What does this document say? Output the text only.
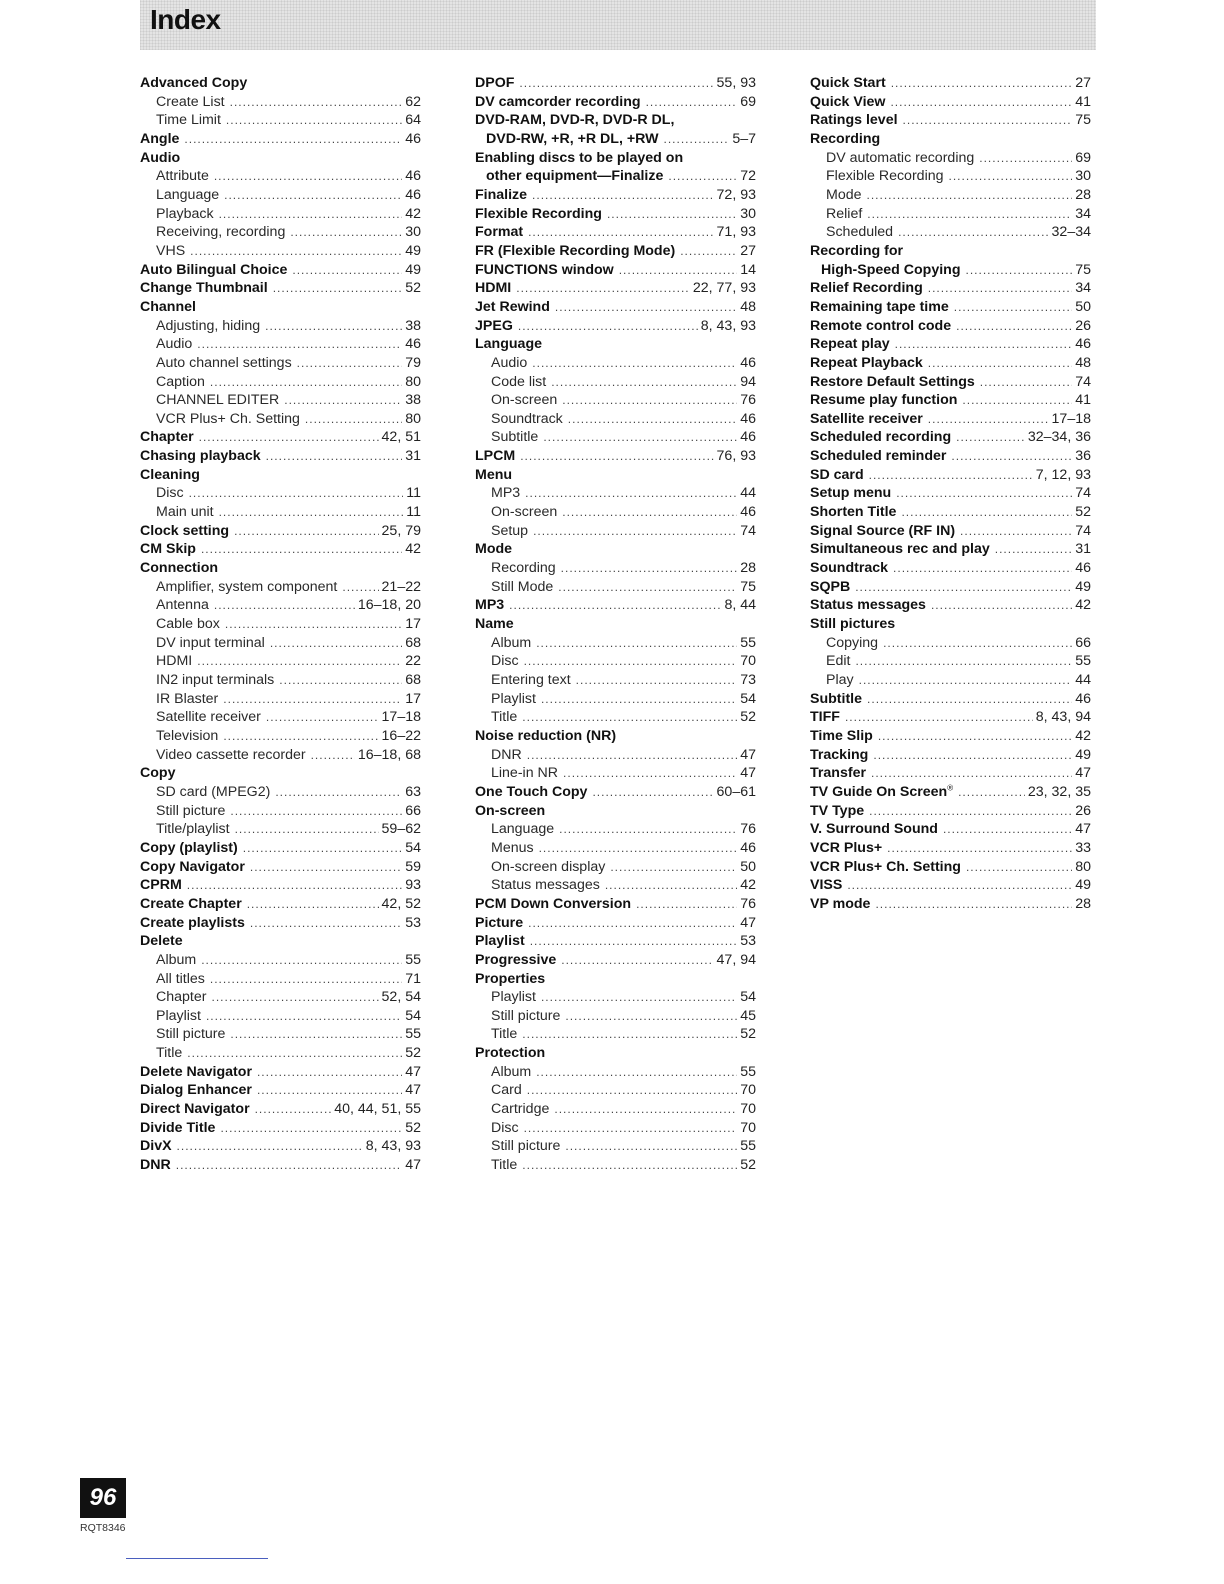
Index
Advanced Copy
Create List .....	62
Time Limit .....	64
Angle .....	46
Audio
Attribute .....	46
Language .....	46
Playback .....	42
Receiving, recording .....	30
VHS .....	49
Auto Bilingual Choice .....	49
Change Thumbnail .....	52
Channel
Adjusting, hiding .....	38
Audio .....	46
Auto channel settings .....	79
Caption .....	80
CHANNEL EDITER .....	38
VCR Plus+ Ch. Setting .....	80
Chapter .....	42, 51
Chasing playback .....	31
Cleaning
Disc .....	11
Main unit .....	11
Clock setting .....	25, 79
CM Skip .....	42
Connection
Amplifier, system component .....	21–22
Antenna .....	16–18, 20
Cable box .....	17
DV input terminal .....	68
HDMI .....	22
IN2 input terminals .....	68
IR Blaster .....	17
Satellite receiver .....	17–18
Television .....	16–22
Video cassette recorder .....	16–18, 68
Copy
SD card (MPEG2) .....	63
Still picture .....	66
Title/playlist .....	59–62
Copy (playlist) .....	54
Copy Navigator .....	59
CPRM .....	93
Create Chapter .....	42, 52
Create playlists .....	53
Delete
Album .....	55
All titles .....	71
Chapter .....	52, 54
Playlist .....	54
Still picture .....	55
Title .....	52
Delete Navigator .....	47
Dialog Enhancer .....	47
Direct Navigator .....	40, 44, 51, 55
Divide Title .....	52
DivX .....	8, 43, 93
DNR .....	47
DPOF .....	55, 93
DV camcorder recording .....	69
DVD-RAM, DVD-R, DVD-R DL,
DVD-RW, +R, +R DL, +RW .....	5–7
Enabling discs to be played on
other equipment—Finalize .....	72
Finalize .....	72, 93
Flexible Recording .....	30
Format .....	71, 93
FR (Flexible Recording Mode) .....	27
FUNCTIONS window .....	14
HDMI .....	22, 77, 93
Jet Rewind .....	48
JPEG .....	8, 43, 93
Language
Audio .....	46
Code list .....	94
On-screen .....	76
Soundtrack .....	46
Subtitle .....	46
LPCM .....	76, 93
Menu
MP3 .....	44
On-screen .....	46
Setup .....	74
Mode
Recording .....	28
Still Mode .....	75
MP3 .....	8, 44
Name
Album .....	55
Disc .....	70
Entering text .....	73
Playlist .....	54
Title .....	52
Noise reduction (NR)
DNR .....	47
Line-in NR .....	47
One Touch Copy .....	60–61
On-screen
Language .....	76
Menus .....	46
On-screen display .....	50
Status messages .....	42
PCM Down Conversion .....	76
Picture .....	47
Playlist .....	53
Progressive .....	47, 94
Properties
Playlist .....	54
Still picture .....	45
Title .....	52
Protection
Album .....	55
Card .....	70
Cartridge .....	70
Disc .....	70
Still picture .....	55
Title .....	52
Quick Start .....	27
Quick View .....	41
Ratings level .....	75
Recording
DV automatic recording .....	69
Flexible Recording .....	30
Mode .....	28
Relief .....	34
Scheduled .....	32–34
Recording for
High-Speed Copying .....	75
Relief Recording .....	34
Remaining tape time .....	50
Remote control code .....	26
Repeat play .....	46
Repeat Playback .....	48
Restore Default Settings .....	74
Resume play function .....	41
Satellite receiver .....	17–18
Scheduled recording .....	32–34, 36
Scheduled reminder .....	36
SD card .....	7, 12, 93
Setup menu .....	74
Shorten Title .....	52
Signal Source (RF IN) .....	74
Simultaneous rec and play .....	31
Soundtrack .....	46
SQPB .....	49
Status messages .....	42
Still pictures
Copying .....	66
Edit .....	55
Play .....	44
Subtitle .....	46
TIFF .....	8, 43, 94
Time Slip .....	42
Tracking .....	49
Transfer .....	47
TV Guide On Screen® .....	23, 32, 35
TV Type .....	26
V. Surround Sound .....	47
VCR Plus+ .....	33
VCR Plus+ Ch. Setting .....	80
VISS .....	49
VP mode .....	28
96
RQT8346
